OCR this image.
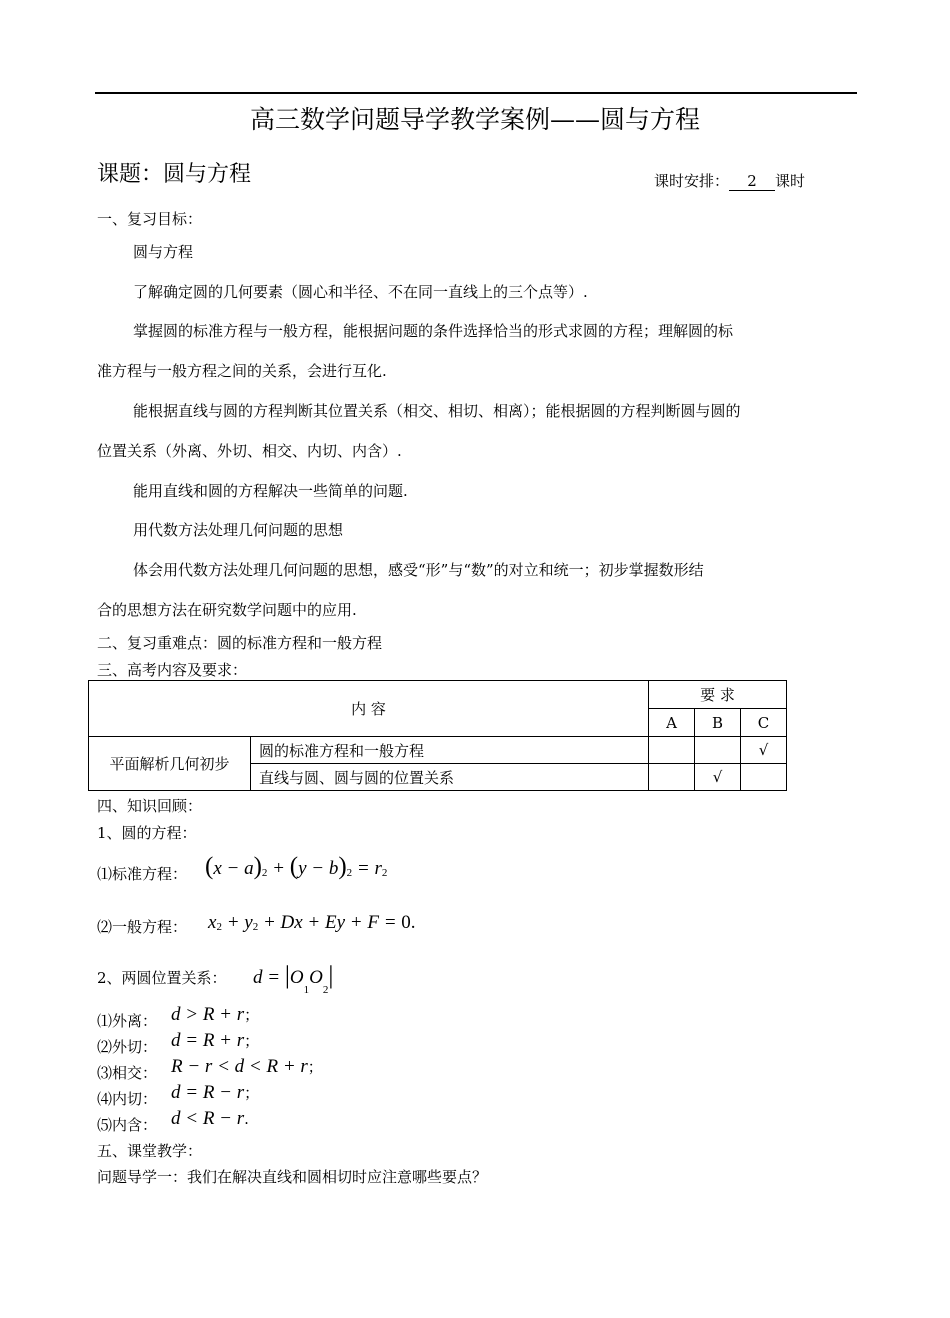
高三数学问题导学教学案例——圆与方程
课题：圆与方程	课时安排： 2 课时
一、复习目标：
圆与方程
了解确定圆的几何要素（圆心和半径、不在同一直线上的三个点等）.
掌握圆的标准方程与一般方程，能根据问题的条件选择恰当的形式求圆的方程；理解圆的标
准方程与一般方程之间的关系，会进行互化.
能根据直线与圆的方程判断其位置关系（相交、相切、相离）；能根据圆的方程判断圆与圆的
位置关系（外离、外切、相交、内切、内含）.
能用直线和圆的方程解决一些简单的问题.
用代数方法处理几何问题的思想
体会用代数方法处理几何问题的思想，感受“形”与“数”的对立和统一；初步掌握数形结
合的思想方法在研究数学问题中的应用.
二、复习重难点：圆的标准方程和一般方程
三、高考内容及要求：
内 容		要 求		
		A	B	C
平面解析几何初步	圆的标准方程和一般方程			√
	直线与圆、圆与圆的位置关系		√	
四、知识回顾：
1、圆的方程：
⑴标准方程： (x − a)2 + (y − b)2 = r2
⑵一般方程： x2 + y2 + Dx + Ey + F = 0.
2、两圆位置关系： $d = |O_1O_2|$
⑴外离： d > R + r；
⑵外切： d = R + r；
⑶相交： R − r < d < R + r；
⑷内切： d = R − r；
⑸内含： d < R − r.
五、课堂教学：
问题导学一：我们在解决直线和圆相切时应注意哪些要点？
